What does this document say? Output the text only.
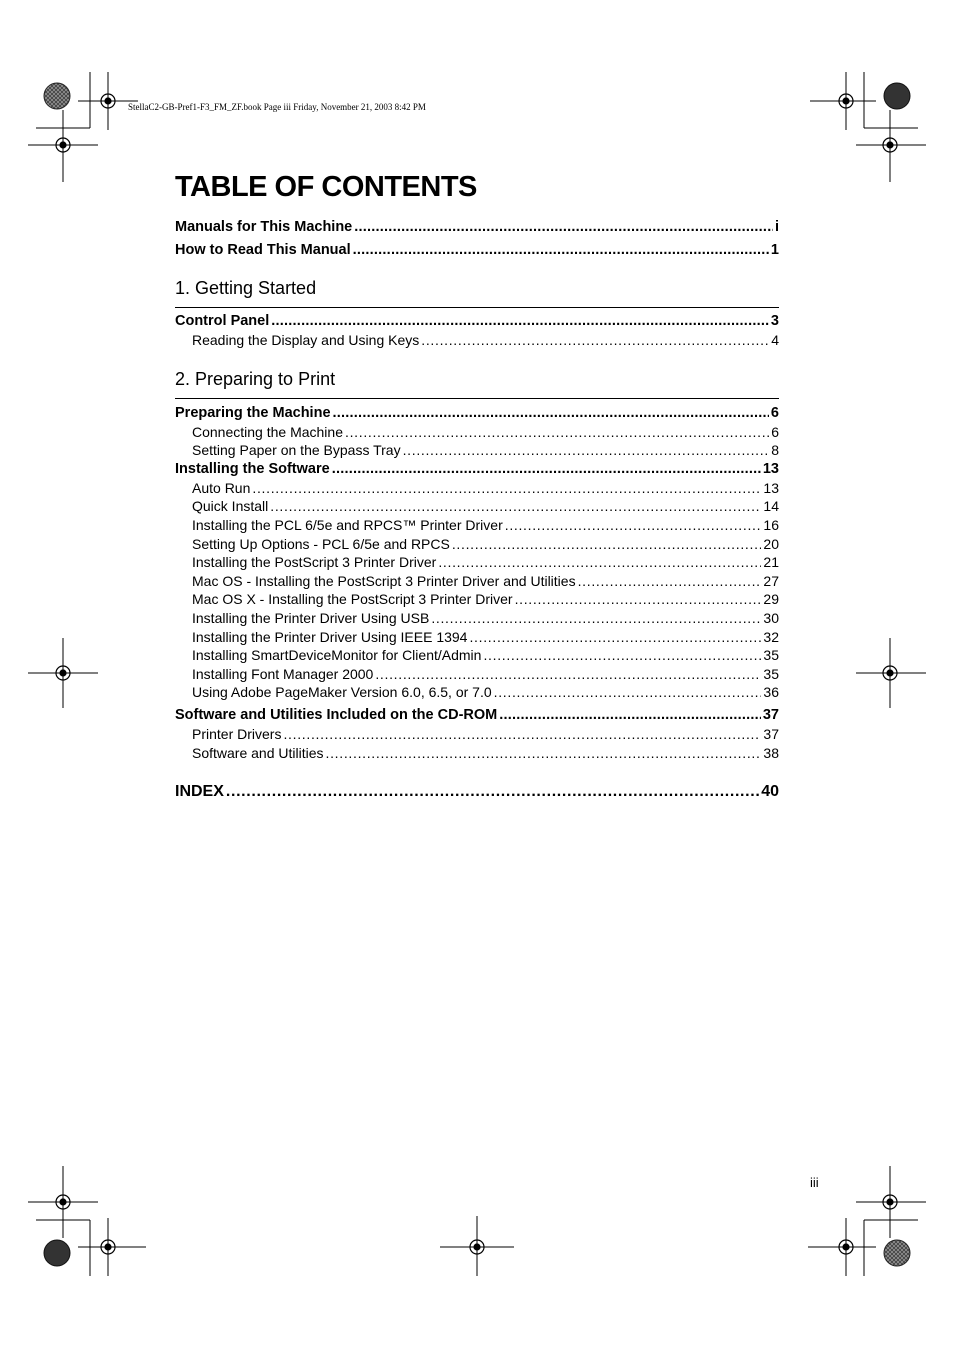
StellaC2-GB-Pref1-F3_FM_ZF.book Page iii Friday, November 21, 2003 8:42 PM
TABLE OF CONTENTS
Manuals for This Machine . . .	i
How to Read This Manual . . .	1
1. Getting Started
Control Panel . . .	3
Reading the Display and Using Keys . . .	4
2. Preparing to Print
Preparing the Machine . . .	6
Connecting the Machine . . .	6
Setting Paper on the Bypass Tray . . .	8
Installing the Software . . .	13
Auto Run . . .	13
Quick Install . . .	14
Installing the PCL 6/5e and RPCS™ Printer Driver . . .	16
Setting Up Options - PCL 6/5e and RPCS . . .	20
Installing the PostScript 3 Printer Driver . . .	21
Mac OS - Installing the PostScript 3 Printer Driver and Utilities . . .	27
Mac OS X - Installing the PostScript 3 Printer Driver . . .	29
Installing the Printer Driver Using USB . . .	30
Installing the Printer Driver Using IEEE 1394 . . .	32
Installing SmartDeviceMonitor for Client/Admin . . .	35
Installing Font Manager 2000 . . .	35
Using Adobe PageMaker Version 6.0, 6.5, or 7.0 . . .	36
Software and Utilities Included on the CD-ROM . . .	37
Printer Drivers . . .	37
Software and Utilities . . .	38
INDEX . . .	40
iii
